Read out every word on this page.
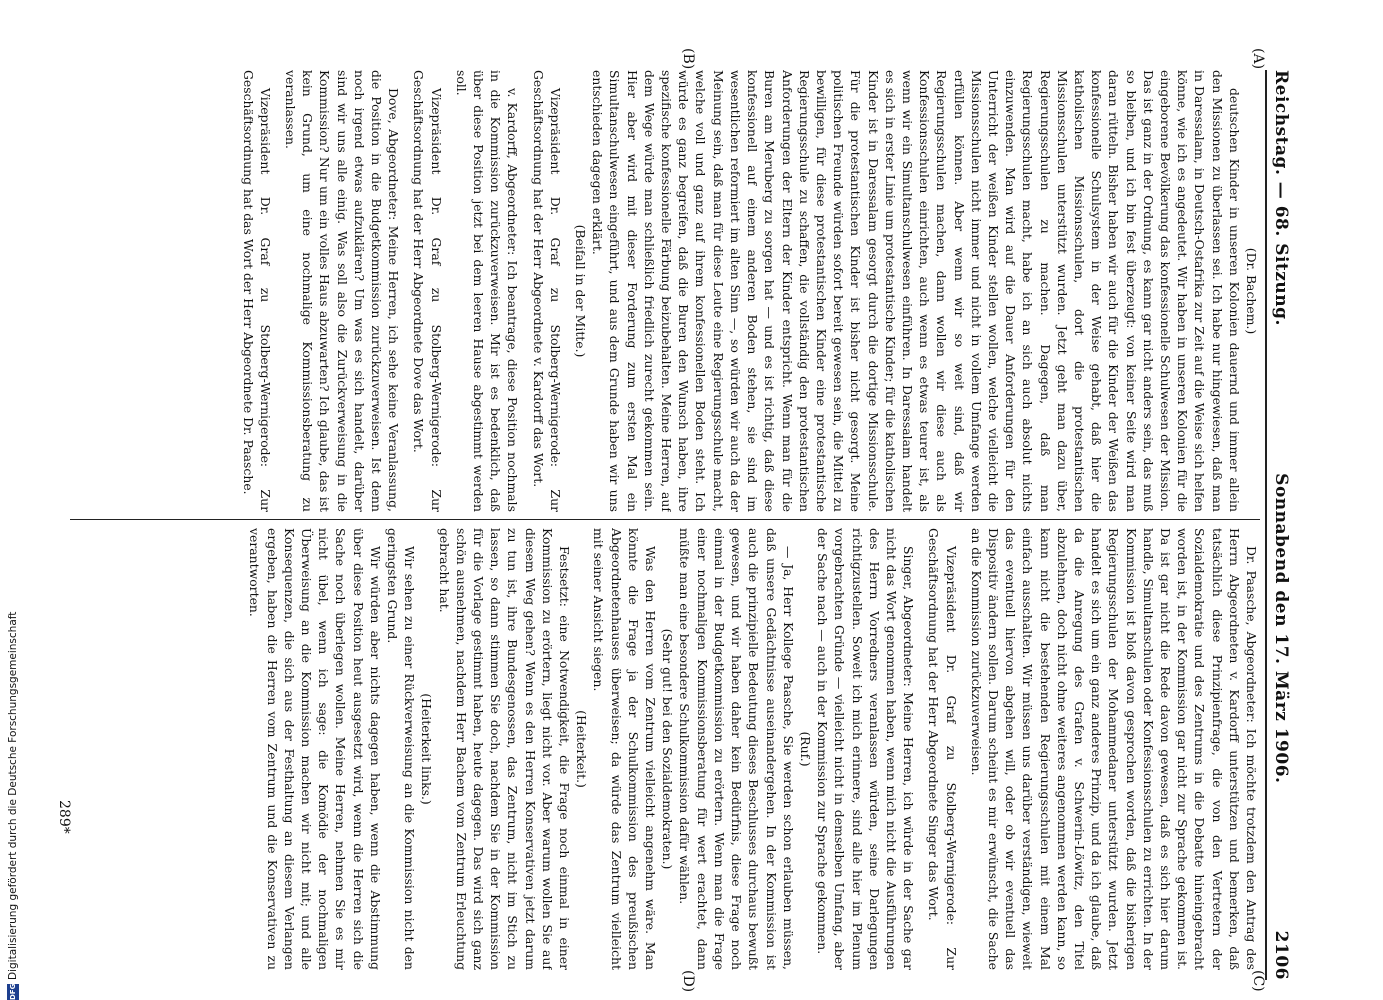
Reichstag. — 68. Sitzung.
Sonnabend den 17. März 1906.
2106
(A)
(B)
(C)
(D)

(Dr. Bachem.)

deutschen Kinder in unseren Kolonien dauernd und immer allein den Missionen zu überlassen sei. Ich habe nur hingewiesen, daß man in Daressalam, in Deutsch-Ostafrika zur Zeit auf die Weise sich helfen könne, wie ich es angedeutet. Wir haben in unseren Kolonien für die eingeborene Bevölkerung das konfessionelle Schulwesen der Mission. Das ist ganz in der Ordnung, es kann gar nicht anders sein, das muß so bleiben, und ich bin fest überzeugt: von keiner Seite wird man daran rütteln. Bisher haben wir auch für die Kinder der Weißen das konfessionelle Schulsystem in der Weise gehabt, daß hier die katholischen Missionsschulen, dort die protestantischen Missionsschulen unterstützt wurden. Jetzt geht man dazu über, Regierungsschulen zu machen. Dagegen, daß man Regierungsschulen macht, habe ich an sich auch absolut nichts einzuwenden. Man wird auf die Dauer Anforderungen für den Unterricht der weißen Kinder stellen wollen, welche vielleicht die Missionsschulen nicht immer und nicht in vollem Umfange werden erfüllen können. Aber wenn wir so weit sind, daß wir Regierungsschulen machen, dann wollen wir diese auch als Konfessionsschulen einrichten, auch wenn es etwas teurer ist, als wenn wir ein Simultanschulwesen einführen. In Daressalam handelt es sich in erster Linie um protestantische Kinder; für die katholischen Kinder ist in Daressalam gesorgt durch die dortige Missionsschule. Für die protestantischen Kinder ist bisher nicht gesorgt. Meine politischen Freunde würden sofort bereit gewesen sein, die Mittel zu bewilligen, für diese protestantischen Kinder eine protestantische Regierungsschule zu schaffen, die vollständig den protestantischen Anforderungen der Eltern der Kinder entspricht. Wenn man für die Buren am Meruberg zu sorgen hat — und es ist richtig, daß diese konfessionell auf einem anderen Boden stehen, sie sind im wesentlichen reformiert im alten Sinn —, so würden wir auch da der Meinung sein, daß man für diese Leute eine Regierungsschule macht, welche voll und ganz auf ihrem konfessionellen Boden steht. Ich würde es ganz begreifen, daß die Buren den Wunsch haben, ihre spezifische konfessionelle Färbung beizubehalten. Meine Herren, auf dem Wege würde man schließlich friedlich zurecht gekommen sein. Hier aber wird mit dieser Forderung zum ersten Mal ein Simultanschulwesen eingeführt, und aus dem Grunde haben wir uns entschieden dagegen erklärt.

(Beifall in der Mitte.)

Vizepräsident Dr. Graf zu Stolberg-Wernigerode: Zur Geschäftsordnung hat der Herr Abgeordnete v. Kardorff das Wort.

v. Kardorff, Abgeordneter: Ich beantrage, diese Position nochmals in die Kommission zurückzuverweisen. Mir ist es bedenklich, daß über diese Position jetzt bei dem leeren Hause abgestimmt werden soll.

Vizepräsident Dr. Graf zu Stolberg-Wernigerode: Zur Geschäftsordnung hat der Herr Abgeordnete Dove das Wort.

Dove, Abgeordneter: Meine Herren, ich sehe keine Veranlassung, die Position in die Budgetkommission zurückzuverweisen. Ist denn noch irgend etwas aufzuklären? Um was es sich handelt, darüber sind wir uns alle einig. Was soll also die Zurückverweisung in die Kommission? Nur um ein volles Haus abzuwarten? Ich glaube, das ist kein Grund, um eine nochmalige Kommissionsberatung zu veranlassen.

Vizepräsident Dr. Graf zu Stolberg-Wernigerode: Zur Geschäftsordnung hat das Wort der Herr Abgeordnete Dr. Paasche.

Dr. Paasche, Abgeordneter: Ich möchte trotzdem den Antrag des Herrn Abgeordneten v. Kardorff unterstützen und bemerken, daß tatsächlich diese Prinzipienfrage, die von den Vertretern der Sozialdemokratie und des Zentrums in die Debatte hineingebracht worden ist, in der Kommission gar nicht zur Sprache gekommen ist. Da ist gar nicht die Rede davon gewesen, daß es sich hier darum handle, Simultanschulen oder Konfessionsschulen zu errichten. In der Kommission ist bloß davon gesprochen worden, daß die bisherigen Regierungsschulen der Mohammedaner unterstützt wurden. Jetzt handelt es sich um ein ganz anderes Prinzip, und da ich glaube, daß da die Anregung des Grafen v. Schwerin-Löwitz, den Titel abzulehnen, doch nicht ohne weiteres angenommen werden kann, so kann nicht die bestehenden Regierungsschulen mit einem Mal einfach ausschalten. Wir müssen uns darüber verständigen, wieweit das eventuell hiervon abgehen will, oder ob wir eventuell das Dispositiv ändern sollen. Darum scheint es mir erwünscht, die Sache an die Kommission zurückzuverweisen.

Vizepräsident Dr. Graf zu Stolberg-Wernigerode: Zur Geschäftsordnung hat der Herr Abgeordnete Singer das Wort.

Singer, Abgeordneter: Meine Herren, ich würde in der Sache gar nicht das Wort genommen haben, wenn mich nicht die Ausführungen des Herrn Vorredners veranlassen würden, seine Darlegungen richtigzustellen. Soweit ich mich erinnere, sind alle hier im Plenum vorgebrachten Gründe — vielleicht nicht in demselben Umfang, aber der Sache nach — auch in der Kommission zur Sprache gekommen.

(Ruf.)

— Ja, Herr Kollege Paasche, Sie werden schon erlauben müssen, daß unsere Gedächtnisse auseinandergehen. In der Kommission ist auch die prinzipielle Bedeutung dieses Beschlusses durchaus bewußt gewesen, und wir haben daher kein Bedürfnis, diese Frage noch einmal in der Budgetkommission zu erörtern. Wenn man die Frage einer nochmaligen Kommissionsberatung für wert erachtet, dann müßte man eine besondere Schulkommission dafür wählen.

(Sehr gut! bei den Sozialdemokraten.)

Was den Herren vom Zentrum vielleicht angenehm wäre. Man könnte die Frage ja der Schulkommission des preußischen Abgeordnetenhauses überweisen; da würde das Zentrum vielleicht mit seiner Ansicht siegen.

(Heiterkeit.)

Festsetzt: eine Notwendigkeit, die Frage noch einmal in einer Kommission zu erörtern, liegt nicht vor. Aber warum wollen Sie auf diesem Weg gehen? Wenn es den Herren Konservativen jetzt darum zu tun ist, ihre Bundesgenossen, das Zentrum, nicht im Stich zu lassen, so dann stimmen Sie doch, nachdem Sie in der Kommission für die Vorlage gestimmt haben, heute dagegen. Das wird sich ganz schön ausnehmen, nachdem Herr Bachem vom Zentrum Erleuchtung gebracht hat.

(Heiterkeit links.)

Wir sehen zu einer Rückverweisung an die Kommission nicht den geringsten Grund.

Wir würden aber nichts dagegen haben, wenn die Abstimmung über diese Position heut ausgesetzt wird, wenn die Herren sich die Sache noch überlegen wollen. Meine Herren, nehmen Sie es mir nicht übel, wenn ich sage: die Komödie der nochmaligen Überweisung an die Kommission machen wir nicht mit; und alle Konsequenzen, die sich aus der Festhaltung an diesem Verlangen ergeben, haben die Herren vom Zentrum und die Konservativen zu verantworten.

289*
DFG
Digitalisierung gefördert durch die Deutsche Forschungsgemeinschaft
